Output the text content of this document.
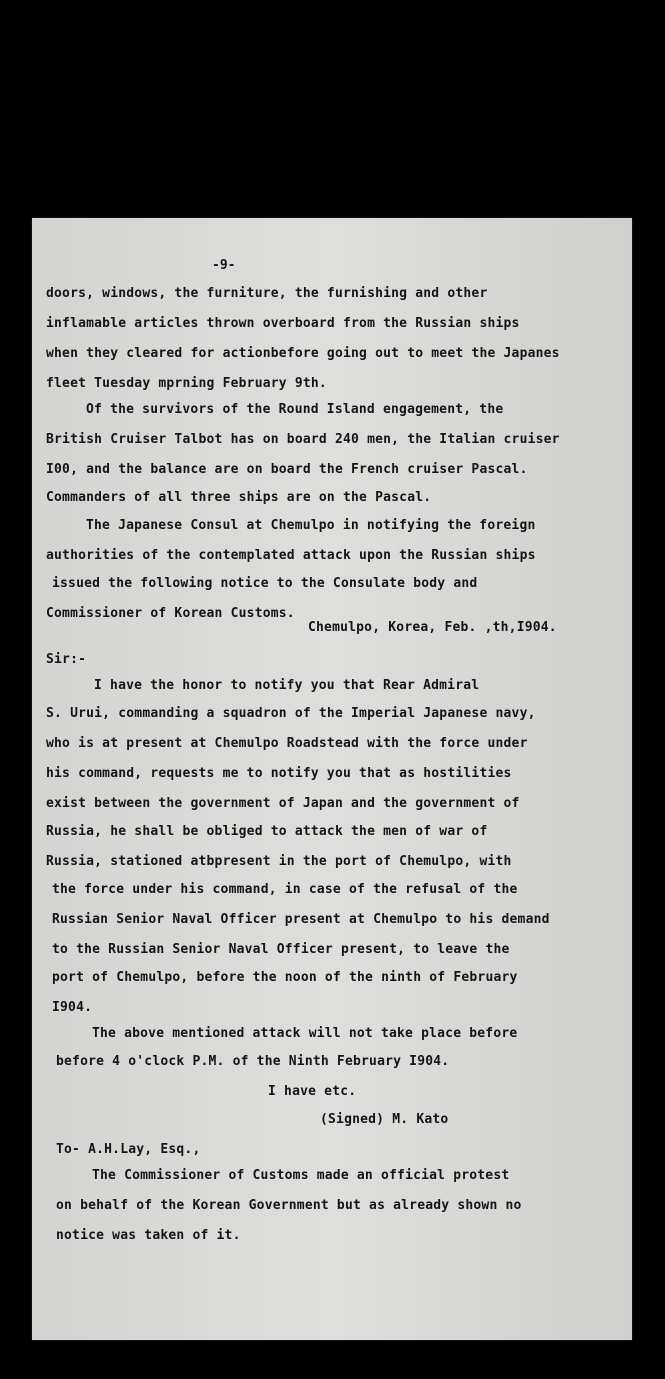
-9-
doors, windows, the furniture, the furnishing and other
inflamable articles thrown overboard from the Russian ships
when they cleared for actionbefore going out to meet the Japanes
fleet Tuesday mprning February 9th.
Of the survivors of the Round Island engagement, the
British Cruiser Talbot has on board 240 men, the Italian cruiser
I00, and the balance are on board the French cruiser Pascal.
Commanders of all three ships are on the Pascal.
The Japanese Consul at Chemulpo in notifying the foreign
authorities of the contemplated attack upon the Russian ships
issued the following notice to the Consulate body and
Commissioner of Korean Customs.
Chemulpo, Korea, Feb. ,th,I904.
Sir:-
I have the honor to notify you that Rear Admiral
S. Urui, commanding a squadron of the Imperial Japanese navy,
who is at present at Chemulpo Roadstead with the force under
his command, requests me to notify you that as hostilities
exist between the government of Japan and the government of
Russia, he shall be obliged to attack the men of war of
Russia, stationed atbpresent in the port of Chemulpo, with
the force under his command, in case of the refusal of the
Russian Senior Naval Officer present at Chemulpo to his demand
to the Russian Senior Naval Officer present, to leave the
port of Chemulpo, before the noon of the ninth of February
I904.
The above mentioned attack will not take place before
before 4 o'clock P.M. of the Ninth February I904.
I have etc.
(Signed) M. Kato
To- A.H.Lay, Esq.,
The Commissioner of Customs made an official protest
on behalf of the Korean Government but as already shown no
notice was taken of it.
